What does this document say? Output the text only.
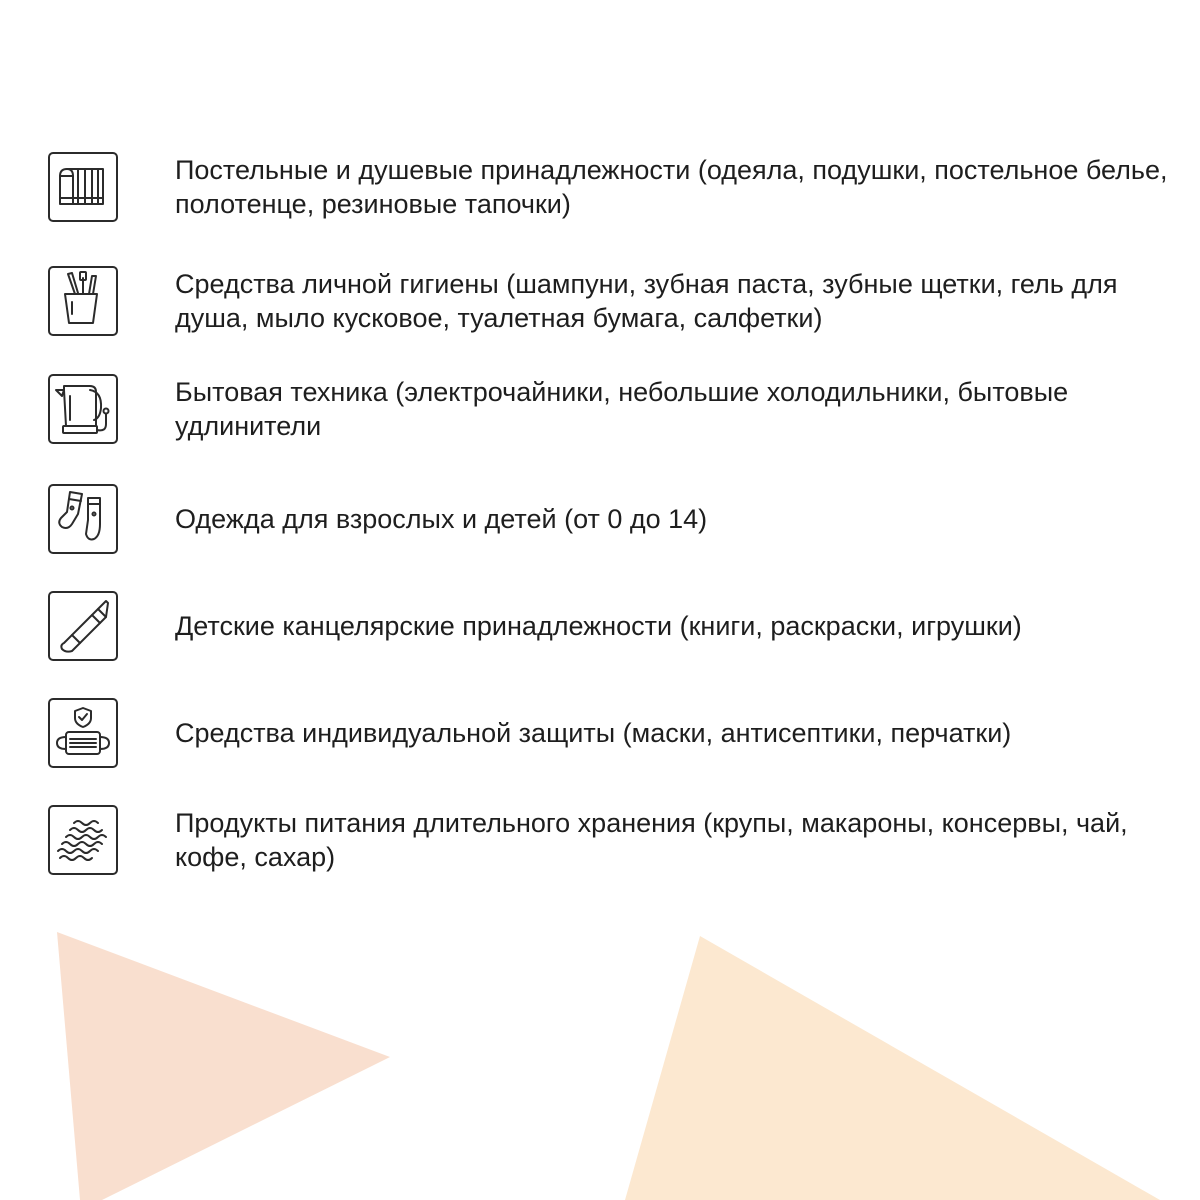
Постельные и душевые принадлежности (одеяла, подушки, постельное белье, полотенце, резиновые тапочки)

Средства личной гигиены (шампуни, зубная паста, зубные щетки, гель для душа, мыло кусковое, туалетная бумага, салфетки)

Бытовая техника (электрочайники, небольшие холодильники, бытовые удлинители

Одежда для взрослых и детей (от 0 до 14)

Детские канцелярские принадлежности (книги, раскраски, игрушки)

Средства индивидуальной защиты (маски, антисептики, перчатки)

Продукты питания длительного хранения (крупы, макароны, консервы, чай, кофе, сахар)
